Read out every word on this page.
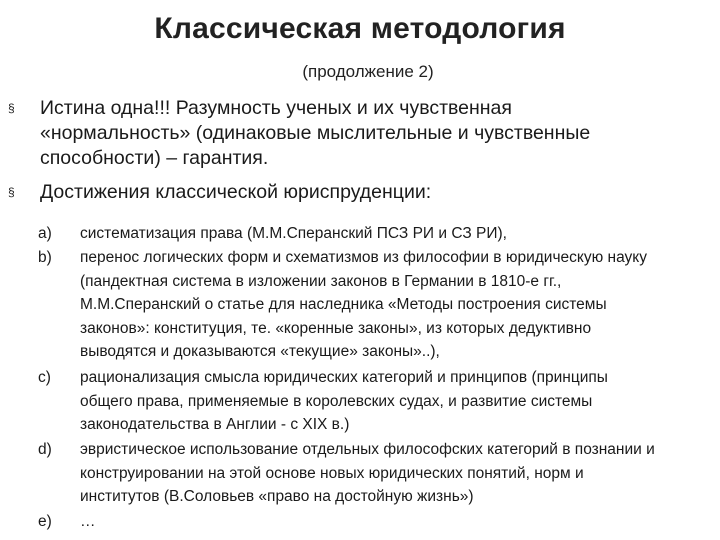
Классическая методология
(продолжение 2)
§	Истина одна!!! Разумность ученых и их чувственная
«нормальность» (одинаковые мыслительные и чувственные
способности) – гарантия.
§	Достижения классической юриспруденции:
a)	систематизация права (М.М.Сперанский ПСЗ РИ и СЗ РИ),
b)	перенос логических форм и схематизмов из философии в юридическую науку
(пандектная система в изложении законов в Германии в 1810-е гг.,
М.М.Сперанский о статье для наследника «Методы построения системы
законов»: конституция, те. «коренные законы», из которых дедуктивно
выводятся и доказываются «текущие» законы»..),
c)	рационализация смысла юридических категорий и принципов (принципы
общего права, применяемые в королевских судах, и развитие системы
законодательства в Англии - с XIX в.)
d)	эвристическое использование отдельных философских категорий в познании и
конструировании на этой основе новых юридических понятий, норм и
институтов (В.Соловьев «право на достойную жизнь»)
e)	…
